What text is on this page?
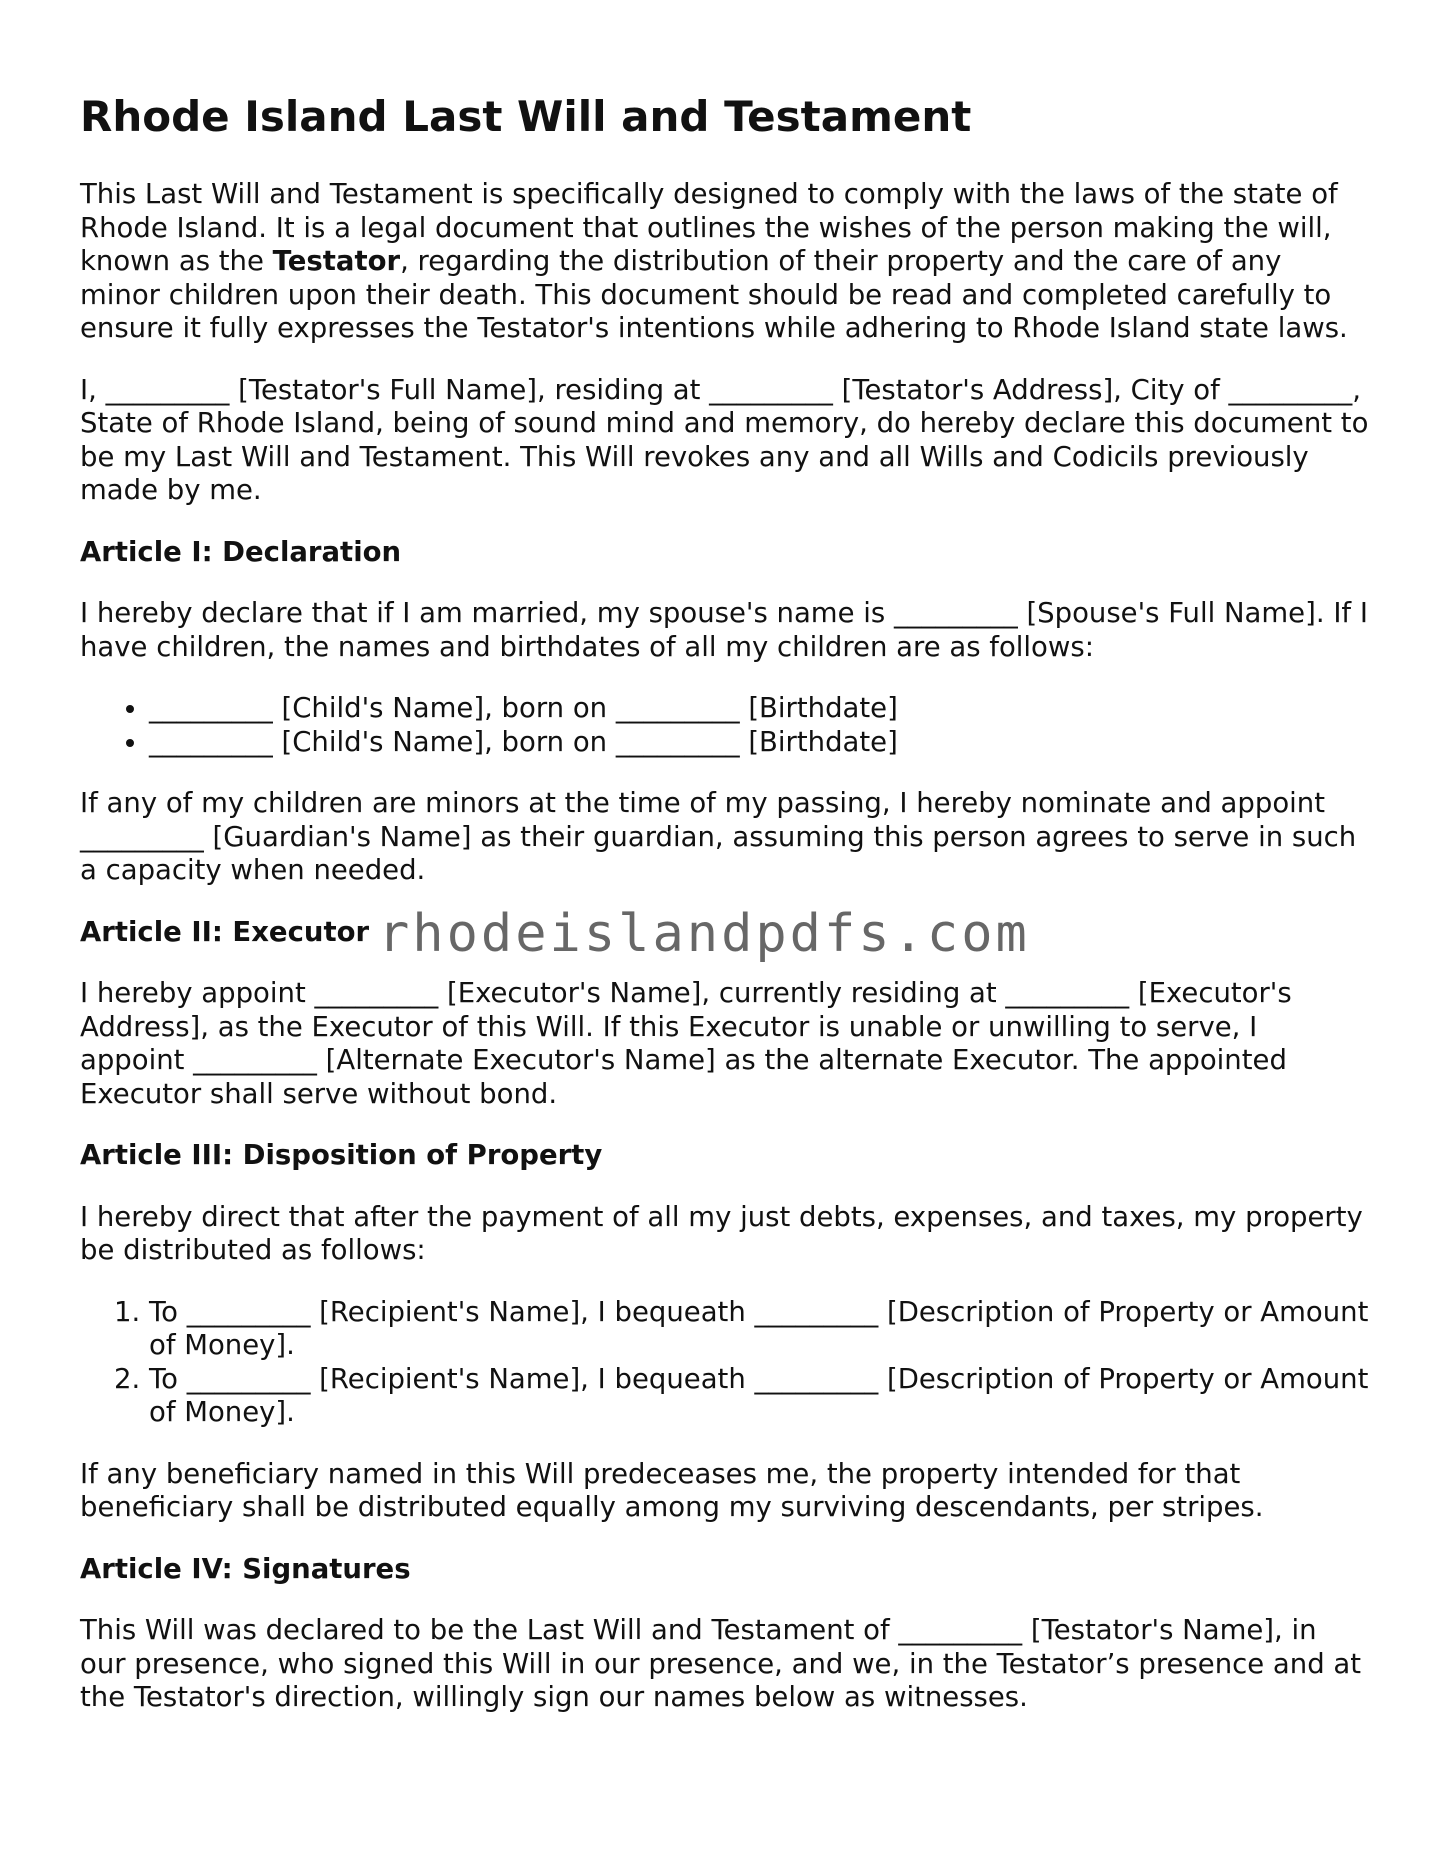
Rhode Island Last Will and Testament

This Last Will and Testament is specifically designed to comply with the laws of the state of Rhode Island. It is a legal document that outlines the wishes of the person making the will, known as the Testator, regarding the distribution of their property and the care of any minor children upon their death. This document should be read and completed carefully to ensure it fully expresses the Testator's intentions while adhering to Rhode Island state laws.

I, _________ [Testator's Full Name], residing at _________ [Testator's Address], City of _________, State of Rhode Island, being of sound mind and memory, do hereby declare this document to be my Last Will and Testament. This Will revokes any and all Wills and Codicils previously made by me.

Article I: Declaration

I hereby declare that if I am married, my spouse's name is _________ [Spouse's Full Name]. If I have children, the names and birthdates of all my children are as follows:

• _________ [Child's Name], born on _________ [Birthdate]
• _________ [Child's Name], born on _________ [Birthdate]

If any of my children are minors at the time of my passing, I hereby nominate and appoint _________ [Guardian's Name] as their guardian, assuming this person agrees to serve in such a capacity when needed.

Article II: Executor

I hereby appoint _________ [Executor's Name], currently residing at _________ [Executor's Address], as the Executor of this Will. If this Executor is unable or unwilling to serve, I appoint _________ [Alternate Executor's Name] as the alternate Executor. The appointed Executor shall serve without bond.

Article III: Disposition of Property

I hereby direct that after the payment of all my just debts, expenses, and taxes, my property be distributed as follows:

1. To _________ [Recipient's Name], I bequeath _________ [Description of Property or Amount of Money].
2. To _________ [Recipient's Name], I bequeath _________ [Description of Property or Amount of Money].

If any beneficiary named in this Will predeceases me, the property intended for that beneficiary shall be distributed equally among my surviving descendants, per stripes.

Article IV: Signatures

This Will was declared to be the Last Will and Testament of _________ [Testator's Name], in our presence, who signed this Will in our presence, and we, in the Testator’s presence and at the Testator's direction, willingly sign our names below as witnesses.

rhodeislandpdfs.com
